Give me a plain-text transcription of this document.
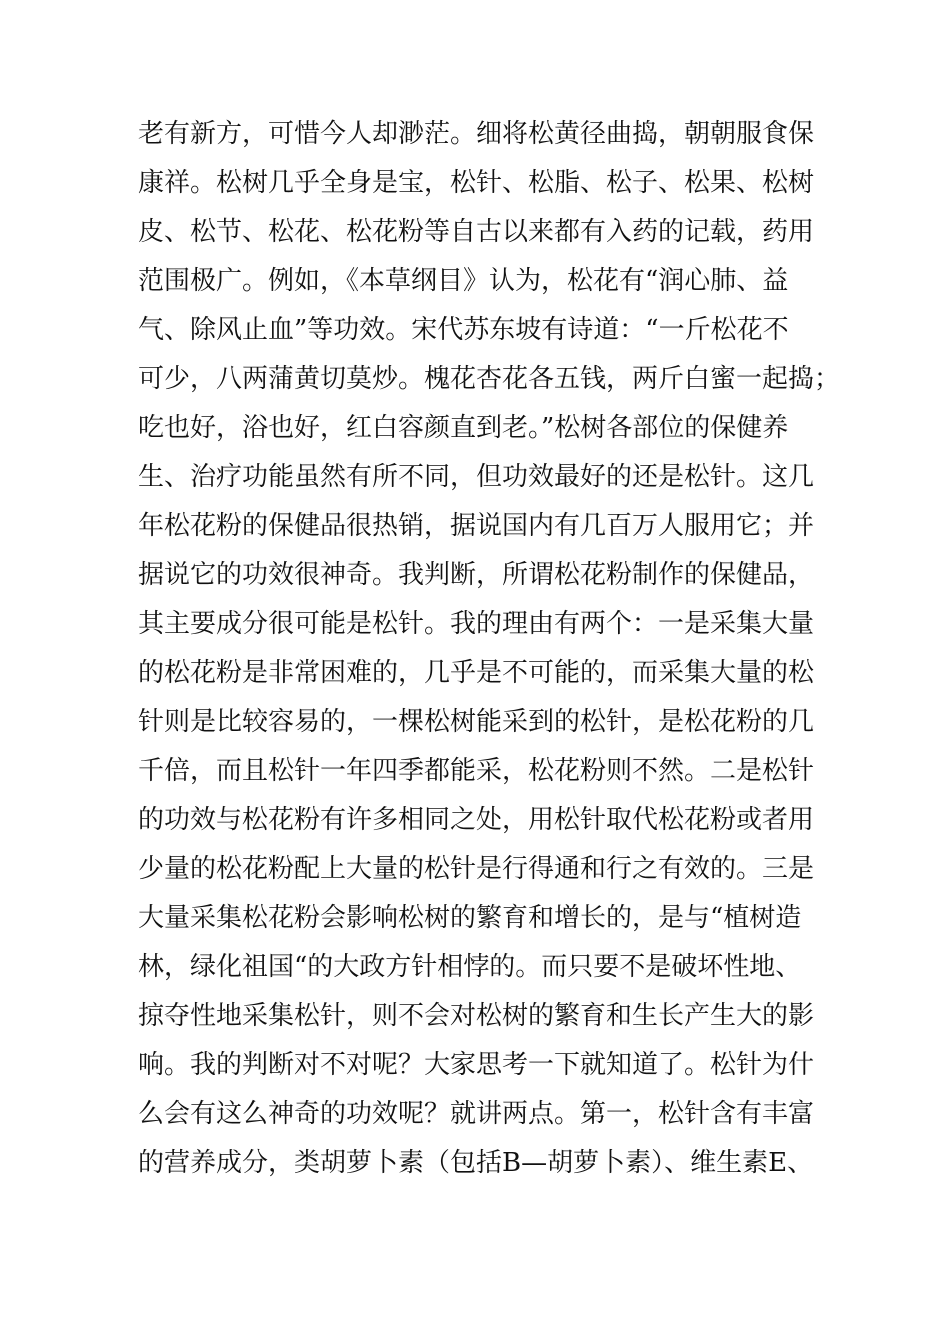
老有新方，可惜今人却渺茫。细将松黄径曲捣，朝朝服食保
康祥。松树几乎全身是宝，松针、松脂、松子、松果、松树
皮、松节、松花、松花粉等自古以来都有入药的记载，药用
范围极广。例如，《本草纲目》认为，松花有“润心肺、益
气、除风止血”等功效。宋代苏东坡有诗道：“一斤松花不
可少，八两蒲黄切莫炒。槐花杏花各五钱，两斤白蜜一起捣；
吃也好，浴也好，红白容颜直到老。”松树各部位的保健养
生、治疗功能虽然有所不同，但功效最好的还是松针。这几
年松花粉的保健品很热销，据说国内有几百万人服用它；并
据说它的功效很神奇。我判断，所谓松花粉制作的保健品，
其主要成分很可能是松针。我的理由有两个：一是采集大量
的松花粉是非常困难的，几乎是不可能的，而采集大量的松
针则是比较容易的，一棵松树能采到的松针，是松花粉的几
千倍，而且松针一年四季都能采，松花粉则不然。二是松针
的功效与松花粉有许多相同之处，用松针取代松花粉或者用
少量的松花粉配上大量的松针是行得通和行之有效的。三是
大量采集松花粉会影响松树的繁育和增长的，是与“植树造
林，绿化祖国“的大政方针相悖的。而只要不是破坏性地、
掠夺性地采集松针，则不会对松树的繁育和生长产生大的影
响。我的判断对不对呢？大家思考一下就知道了。松针为什
么会有这么神奇的功效呢？就讲两点。第一，松针含有丰富
的营养成分，类胡萝卜素（包括Β—胡萝卜素）、维生素Ε、
